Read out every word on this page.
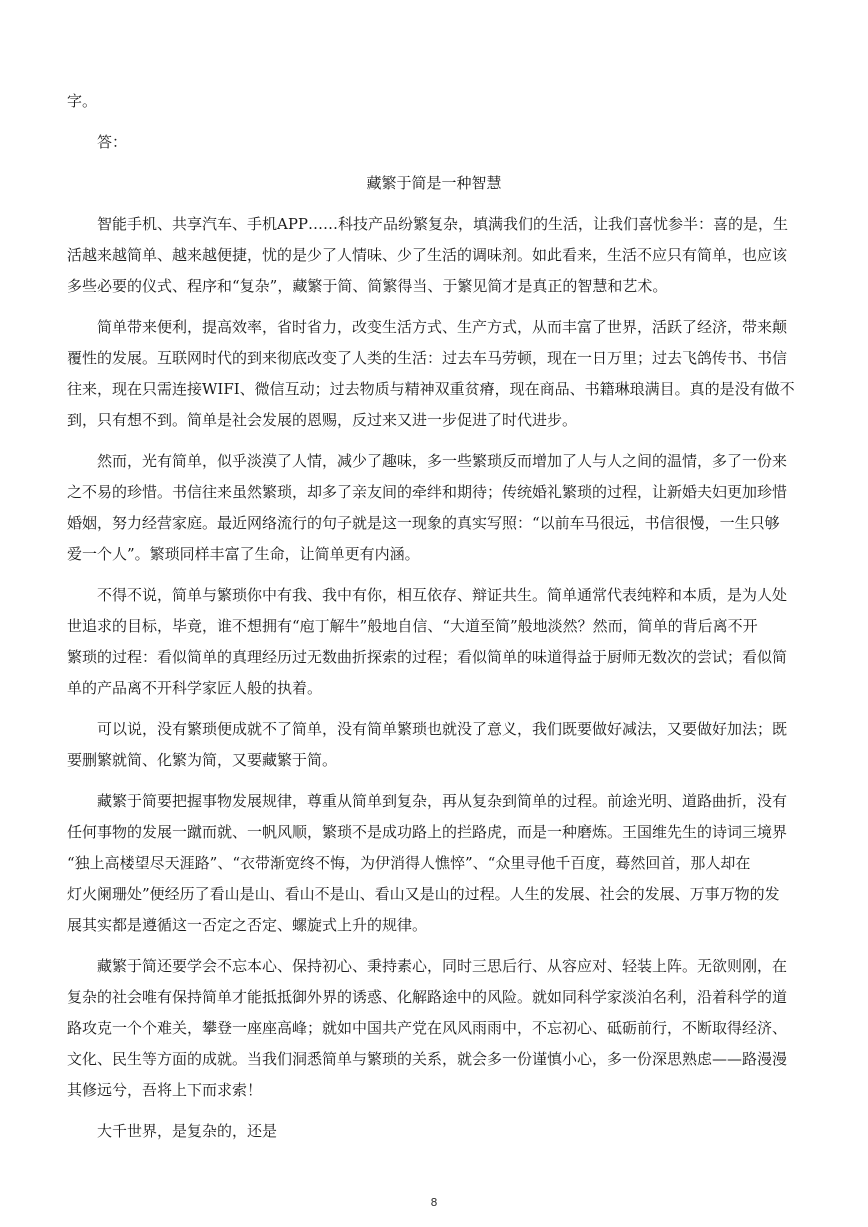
字。

答：

藏繁于简是一种智慧

智能手机、共享汽车、手机APP……科技产品纷繁复杂，填满我们的生活，让我们喜忧参半：喜的是，生

活越来越简单、越来越便捷，忧的是少了人情味、少了生活的调味剂。如此看来，生活不应只有简单，也应该

多些必要的仪式、程序和“复杂”，藏繁于简、简繁得当、于繁见简才是真正的智慧和艺术。

简单带来便利，提高效率，省时省力，改变生活方式、生产方式，从而丰富了世界，活跃了经济，带来颠

覆性的发展。互联网时代的到来彻底改变了人类的生活：过去车马劳顿，现在一日万里；过去飞鸽传书、书信

往来，现在只需连接WIFI、微信互动；过去物质与精神双重贫瘠，现在商品、书籍琳琅满目。真的是没有做不

到，只有想不到。简单是社会发展的恩赐，反过来又进一步促进了时代进步。

然而，光有简单，似乎淡漠了人情，减少了趣味，多一些繁琐反而增加了人与人之间的温情，多了一份来

之不易的珍惜。书信往来虽然繁琐，却多了亲友间的牵绊和期待；传统婚礼繁琐的过程，让新婚夫妇更加珍惜

婚姻，努力经营家庭。最近网络流行的句子就是这一现象的真实写照：“以前车马很远，书信很慢，一生只够

爱一个人”。繁琐同样丰富了生命，让简单更有内涵。

不得不说，简单与繁琐你中有我、我中有你，相互依存、辩证共生。简单通常代表纯粹和本质，是为人处

世追求的目标，毕竟，谁不想拥有“庖丁解牛”般地自信、“大道至简”般地淡然？然而，简单的背后离不开

繁琐的过程：看似简单的真理经历过无数曲折探索的过程；看似简单的味道得益于厨师无数次的尝试；看似简

单的产品离不开科学家匠人般的执着。

可以说，没有繁琐便成就不了简单，没有简单繁琐也就没了意义，我们既要做好减法，又要做好加法；既

要删繁就简、化繁为简，又要藏繁于简。

藏繁于简要把握事物发展规律，尊重从简单到复杂，再从复杂到简单的过程。前途光明、道路曲折，没有

任何事物的发展一蹴而就、一帆风顺，繁琐不是成功路上的拦路虎，而是一种磨炼。王国维先生的诗词三境界

“独上高楼望尽天涯路”、“衣带渐宽终不悔，为伊消得人憔悴”、“众里寻他千百度，蓦然回首，那人却在

灯火阑珊处”便经历了看山是山、看山不是山、看山又是山的过程。人生的发展、社会的发展、万事万物的发

展其实都是遵循这一否定之否定、螺旋式上升的规律。

藏繁于简还要学会不忘本心、保持初心、秉持素心，同时三思后行、从容应对、轻装上阵。无欲则刚，在

复杂的社会唯有保持简单才能抵抵御外界的诱惑、化解路途中的风险。就如同科学家淡泊名利，沿着科学的道

路攻克一个个难关，攀登一座座高峰；就如中国共产党在风风雨雨中，不忘初心、砥砺前行，不断取得经济、

文化、民生等方面的成就。当我们洞悉简单与繁琐的关系，就会多一份谨慎小心，多一份深思熟虑——路漫漫

其修远兮，吾将上下而求索！

大千世界，是复杂的，还是

8
